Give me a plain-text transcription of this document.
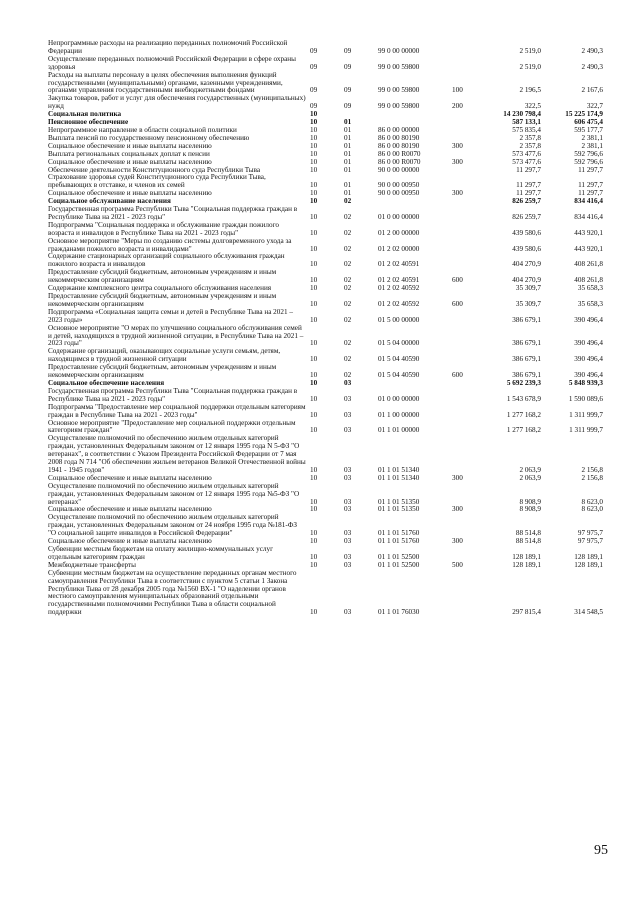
Непрограммные расходы на реализацию переданных полномочий Российской Федерации	09	09	99 0 00 00000		2 519,0	2 490,3
Осуществление переданных полномочий Российской Федерации в сфере охраны здоровья	09	09	99 0 00 59800		2 519,0	2 490,3
Расходы на выплаты персоналу в целях обеспечения выполнения функций государственными (муниципальными) органами, казенными учреждениями, органами управления государственными внебюджетными фондами	09	09	99 0 00 59800	100	2 196,5	2 167,6
Закупка товаров, работ и услуг для обеспечения государственных (муниципальных) нужд	09	09	99 0 00 59800	200	322,5	322,7
Социальная политика	10				14 230 798,4	15 225 174,9
Пенсионное обеспечение	10	01			587 133,1	606 475,4
Непрограммное направление в области социальной политики	10	01	86 0 00 00000		575 835,4	595 177,7
Выплата пенсий по государственному пенсионному обеспечению	10	01	86 0 00 80190		2 357,8	2 381,1
Социальное обеспечение и иные выплаты населению	10	01	86 0 00 80190	300	2 357,8	2 381,1
Выплата региональных социальных доплат к пенсии	10	01	86 0 00 R0070		573 477,6	592 796,6
Социальное обеспечение и иные выплаты населению	10	01	86 0 00 R0070	300	573 477,6	592 796,6
Обеспечение деятельности Конституционного суда Республики Тыва	10	01	90 0 00 00000		11 297,7	11 297,7
Страхование здоровья судей Конституционного суда Республики Тыва, пребывающих в отставке, и членов их семей	10	01	90 0 00 00950		11 297,7	11 297,7
Социальное обеспечение и иные выплаты населению	10	01	90 0 00 00950	300	11 297,7	11 297,7
Социальное обслуживание населения	10	02			826 259,7	834 416,4
Государственная программа Республики Тыва "Социальная поддержка граждан в Республике Тыва на 2021 - 2023 годы"	10	02	01 0 00 00000		826 259,7	834 416,4
Подпрограмма "Социальная поддержка и обслуживание граждан пожилого возраста и инвалидов в Республике Тыва на 2021 - 2023 годы"	10	02	01 2 00 00000		439 580,6	443 920,1
Основное мероприятие "Меры по созданию системы долговременного ухода за гражданами пожилого возраста и инвалидами"	10	02	01 2 02 00000		439 580,6	443 920,1
Содержание стационарных организаций социального обслуживания граждан пожилого возраста и инвалидов	10	02	01 2 02 40591		404 270,9	408 261,8
Предоставление субсидий бюджетным, автономным учреждениям и иным некоммерческим организациям	10	02	01 2 02 40591	600	404 270,9	408 261,8
Содержание комплексного центра социального обслуживания населения	10	02	01 2 02 40592		35 309,7	35 658,3
Предоставление субсидий бюджетным, автономным учреждениям и иным некоммерческим организациям	10	02	01 2 02 40592	600	35 309,7	35 658,3
Подпрограмма «Социальная защита семьи и детей в Республике Тыва на 2021 – 2023 годы»	10	02	01 5 00 00000		386 679,1	390 496,4
Основное мероприятие "О мерах по улучшению социального обслуживания семей и детей, находящихся в трудной жизненной ситуации, в Республике Тыва на 2021 – 2023 годы"	10	02	01 5 04 00000		386 679,1	390 496,4
Содержание организаций, оказывающих социальные услуги семьям, детям, находящимся в трудной жизненной ситуации	10	02	01 5 04 40590		386 679,1	390 496,4
Предоставление субсидий бюджетным, автономным учреждениям и иным некоммерческим организациям	10	02	01 5 04 40590	600	386 679,1	390 496,4
Социальное обеспечение населения	10	03			5 692 239,3	5 848 939,3
Государственная программа Республики Тыва "Социальная поддержка граждан в Республике Тыва на 2021 - 2023 годы"	10	03	01 0 00 00000		1 543 678,9	1 590 089,6
Подпрограмма "Предоставление мер социальной поддержки отдельным категориям граждан в Республике Тыва на 2021 - 2023 годы"	10	03	01 1 00 00000		1 277 168,2	1 311 999,7
Основное мероприятие "Предоставление мер социальной поддержки отдельным категориям граждан"	10	03	01 1 01 00000		1 277 168,2	1 311 999,7
Осуществление полномочий по обеспечению жильем отдельных категорий граждан, установленных Федеральным законом от 12 января 1995 года N 5-ФЗ "О ветеранах", в соответствии с Указом Президента Российской Федерации от 7 мая 2008 года N 714 "Об обеспечении жильем ветеранов Великой Отечественной войны 1941 - 1945 годов"	10	03	01 1 01 51340		2 063,9	2 156,8
Социальное обеспечение и иные выплаты населению	10	03	01 1 01 51340	300	2 063,9	2 156,8
Осуществление полномочий по обеспечению жильем отдельных категорий граждан, установленных Федеральным законом от 12 января 1995 года №5-ФЗ "О ветеранах"	10	03	01 1 01 51350		8 908,9	8 623,0
Социальное обеспечение и иные выплаты населению	10	03	01 1 01 51350	300	8 908,9	8 623,0
Осуществление полномочий по обеспечению жильем отдельных категорий граждан, установленных Федеральным законом от 24 ноября 1995 года №181-ФЗ "О социальной защите инвалидов в Российской Федерации"	10	03	01 1 01 51760		88 514,8	97 975,7
Социальное обеспечение и иные выплаты населению	10	03	01 1 01 51760	300	88 514,8	97 975,7
Субвенции местным бюджетам на оплату жилищно-коммунальных услуг отдельным категориям граждан	10	03	01 1 01 52500		128 189,1	128 189,1
Межбюджетные трансферты	10	03	01 1 01 52500	500	128 189,1	128 189,1
Субвенции местным бюджетам на осуществление переданных органам местного самоуправления Республики Тыва в соответствии с пунктом 5 статьи 1 Закона Республики Тыва от 28 декабря 2005 года №1560 ВХ-1 "О наделении органов местного самоуправления муниципальных образований отдельными государственными полномочиями Республики Тыва в области социальной поддержки	10	03	01 1 01 76030		297 815,4	314 548,5
95
